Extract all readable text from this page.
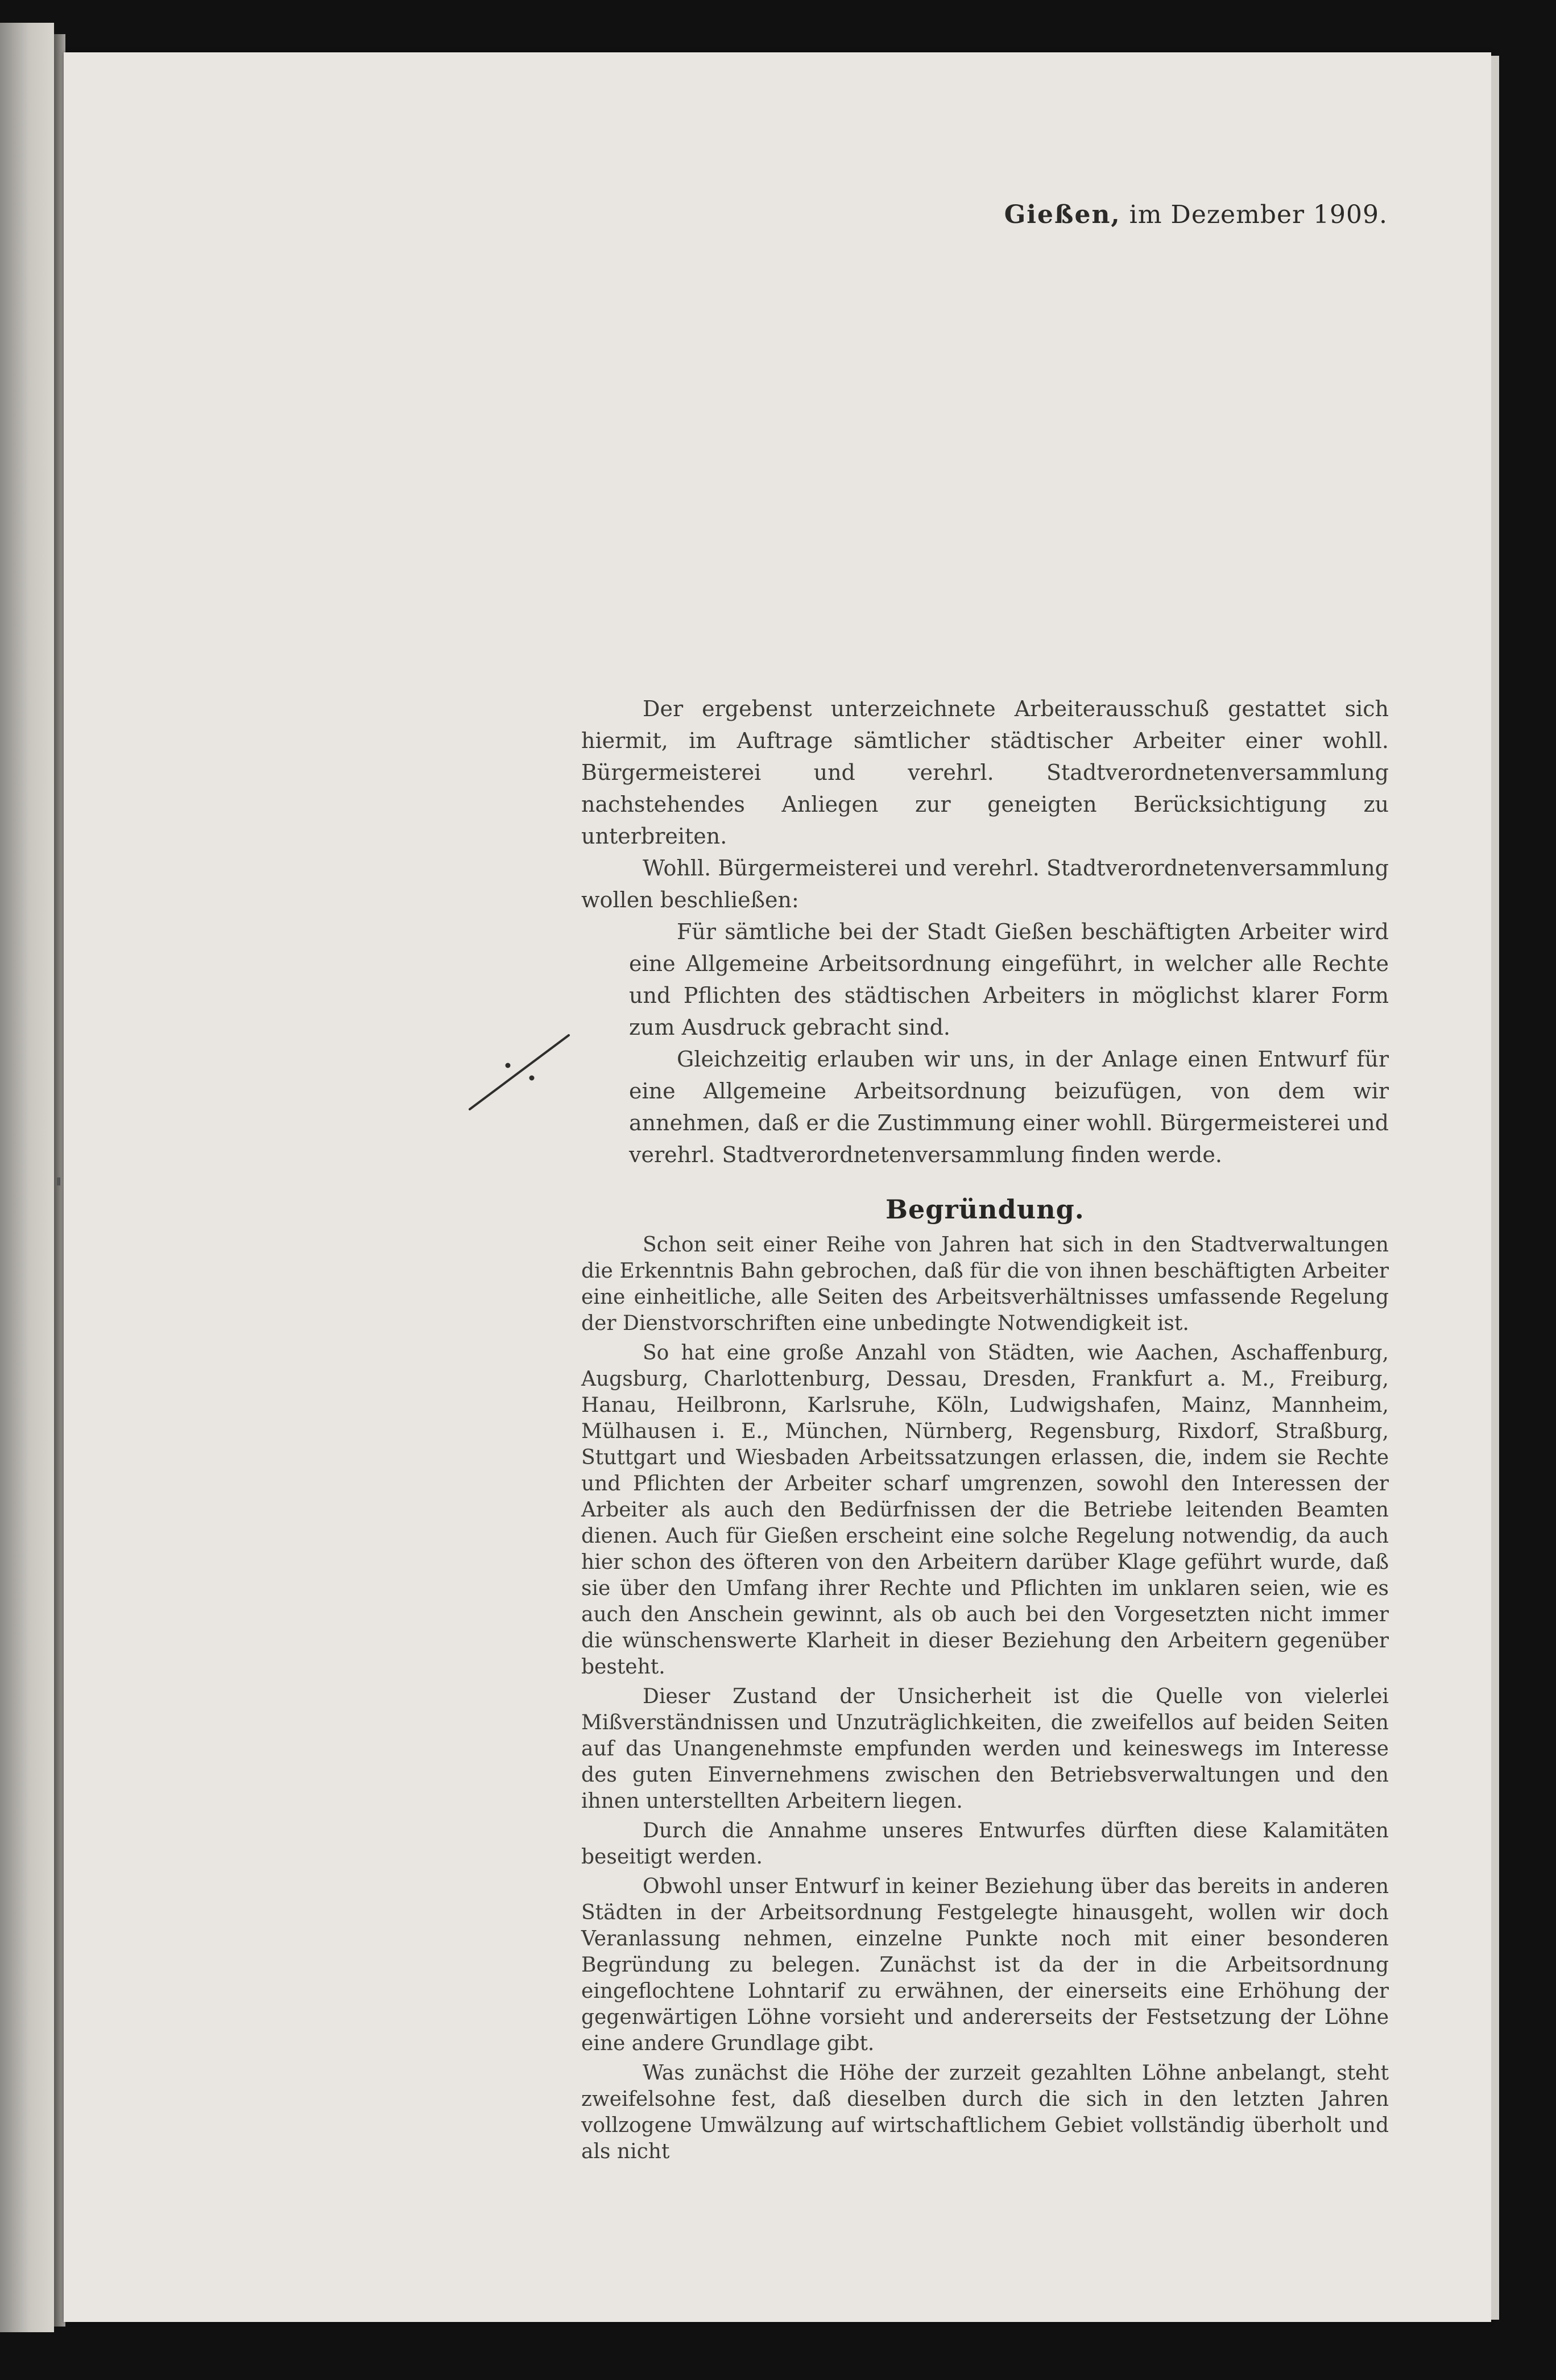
Gießen, im Dezember 1909.

Der ergebenst unterzeichnete Arbeiterausschuß gestattet sich hiermit, im Auftrage sämtlicher städtischer Arbeiter einer wohll. Bürgermeisterei und verehrl. Stadtverordnetenversammlung nachstehendes Anliegen zur geneigten Berücksichtigung zu unterbreiten.

Wohll. Bürgermeisterei und verehrl. Stadtverordnetenversammlung wollen beschließen:

Für sämtliche bei der Stadt Gießen beschäftigten Arbeiter wird eine Allgemeine Arbeitsordnung eingeführt, in welcher alle Rechte und Pflichten des städtischen Arbeiters in möglichst klarer Form zum Ausdruck gebracht sind.

Gleichzeitig erlauben wir uns, in der Anlage einen Entwurf für eine Allgemeine Arbeitsordnung beizufügen, von dem wir annehmen, daß er die Zustimmung einer wohll. Bürgermeisterei und verehrl. Stadtverordnetenversammlung finden werde.

Begründung.

Schon seit einer Reihe von Jahren hat sich in den Stadtverwaltungen die Erkenntnis Bahn gebrochen, daß für die von ihnen beschäftigten Arbeiter eine einheitliche, alle Seiten des Arbeitsverhältnisses umfassende Regelung der Dienstvorschriften eine unbedingte Notwendigkeit ist.

So hat eine große Anzahl von Städten, wie Aachen, Aschaffenburg, Augsburg, Charlottenburg, Dessau, Dresden, Frankfurt a. M., Freiburg, Hanau, Heilbronn, Karlsruhe, Köln, Ludwigshafen, Mainz, Mannheim, Mülhausen i. E., München, Nürnberg, Regensburg, Rixdorf, Straßburg, Stuttgart und Wiesbaden Arbeitssatzungen erlassen, die, indem sie Rechte und Pflichten der Arbeiter scharf umgrenzen, sowohl den Interessen der Arbeiter als auch den Bedürfnissen der die Betriebe leitenden Beamten dienen. Auch für Gießen erscheint eine solche Regelung notwendig, da auch hier schon des öfteren von den Arbeitern darüber Klage geführt wurde, daß sie über den Umfang ihrer Rechte und Pflichten im unklaren seien, wie es auch den Anschein gewinnt, als ob auch bei den Vorgesetzten nicht immer die wünschenswerte Klarheit in dieser Beziehung den Arbeitern gegenüber besteht.

Dieser Zustand der Unsicherheit ist die Quelle von vielerlei Mißverständnissen und Unzuträglichkeiten, die zweifellos auf beiden Seiten auf das Unangenehmste empfunden werden und keineswegs im Interesse des guten Einvernehmens zwischen den Betriebsverwaltungen und den ihnen unterstellten Arbeitern liegen.

Durch die Annahme unseres Entwurfes dürften diese Kalamitäten beseitigt werden.

Obwohl unser Entwurf in keiner Beziehung über das bereits in anderen Städten in der Arbeitsordnung Festgelegte hinausgeht, wollen wir doch Veranlassung nehmen, einzelne Punkte noch mit einer besonderen Begründung zu belegen. Zunächst ist da der in die Arbeitsordnung eingeflochtene Lohntarif zu erwähnen, der einerseits eine Erhöhung der gegenwärtigen Löhne vorsieht und andererseits der Festsetzung der Löhne eine andere Grundlage gibt.

Was zunächst die Höhe der zurzeit gezahlten Löhne anbelangt, steht zweifelsohne fest, daß dieselben durch die sich in den letzten Jahren vollzogene Umwälzung auf wirtschaftlichem Gebiet vollständig überholt und als nicht
